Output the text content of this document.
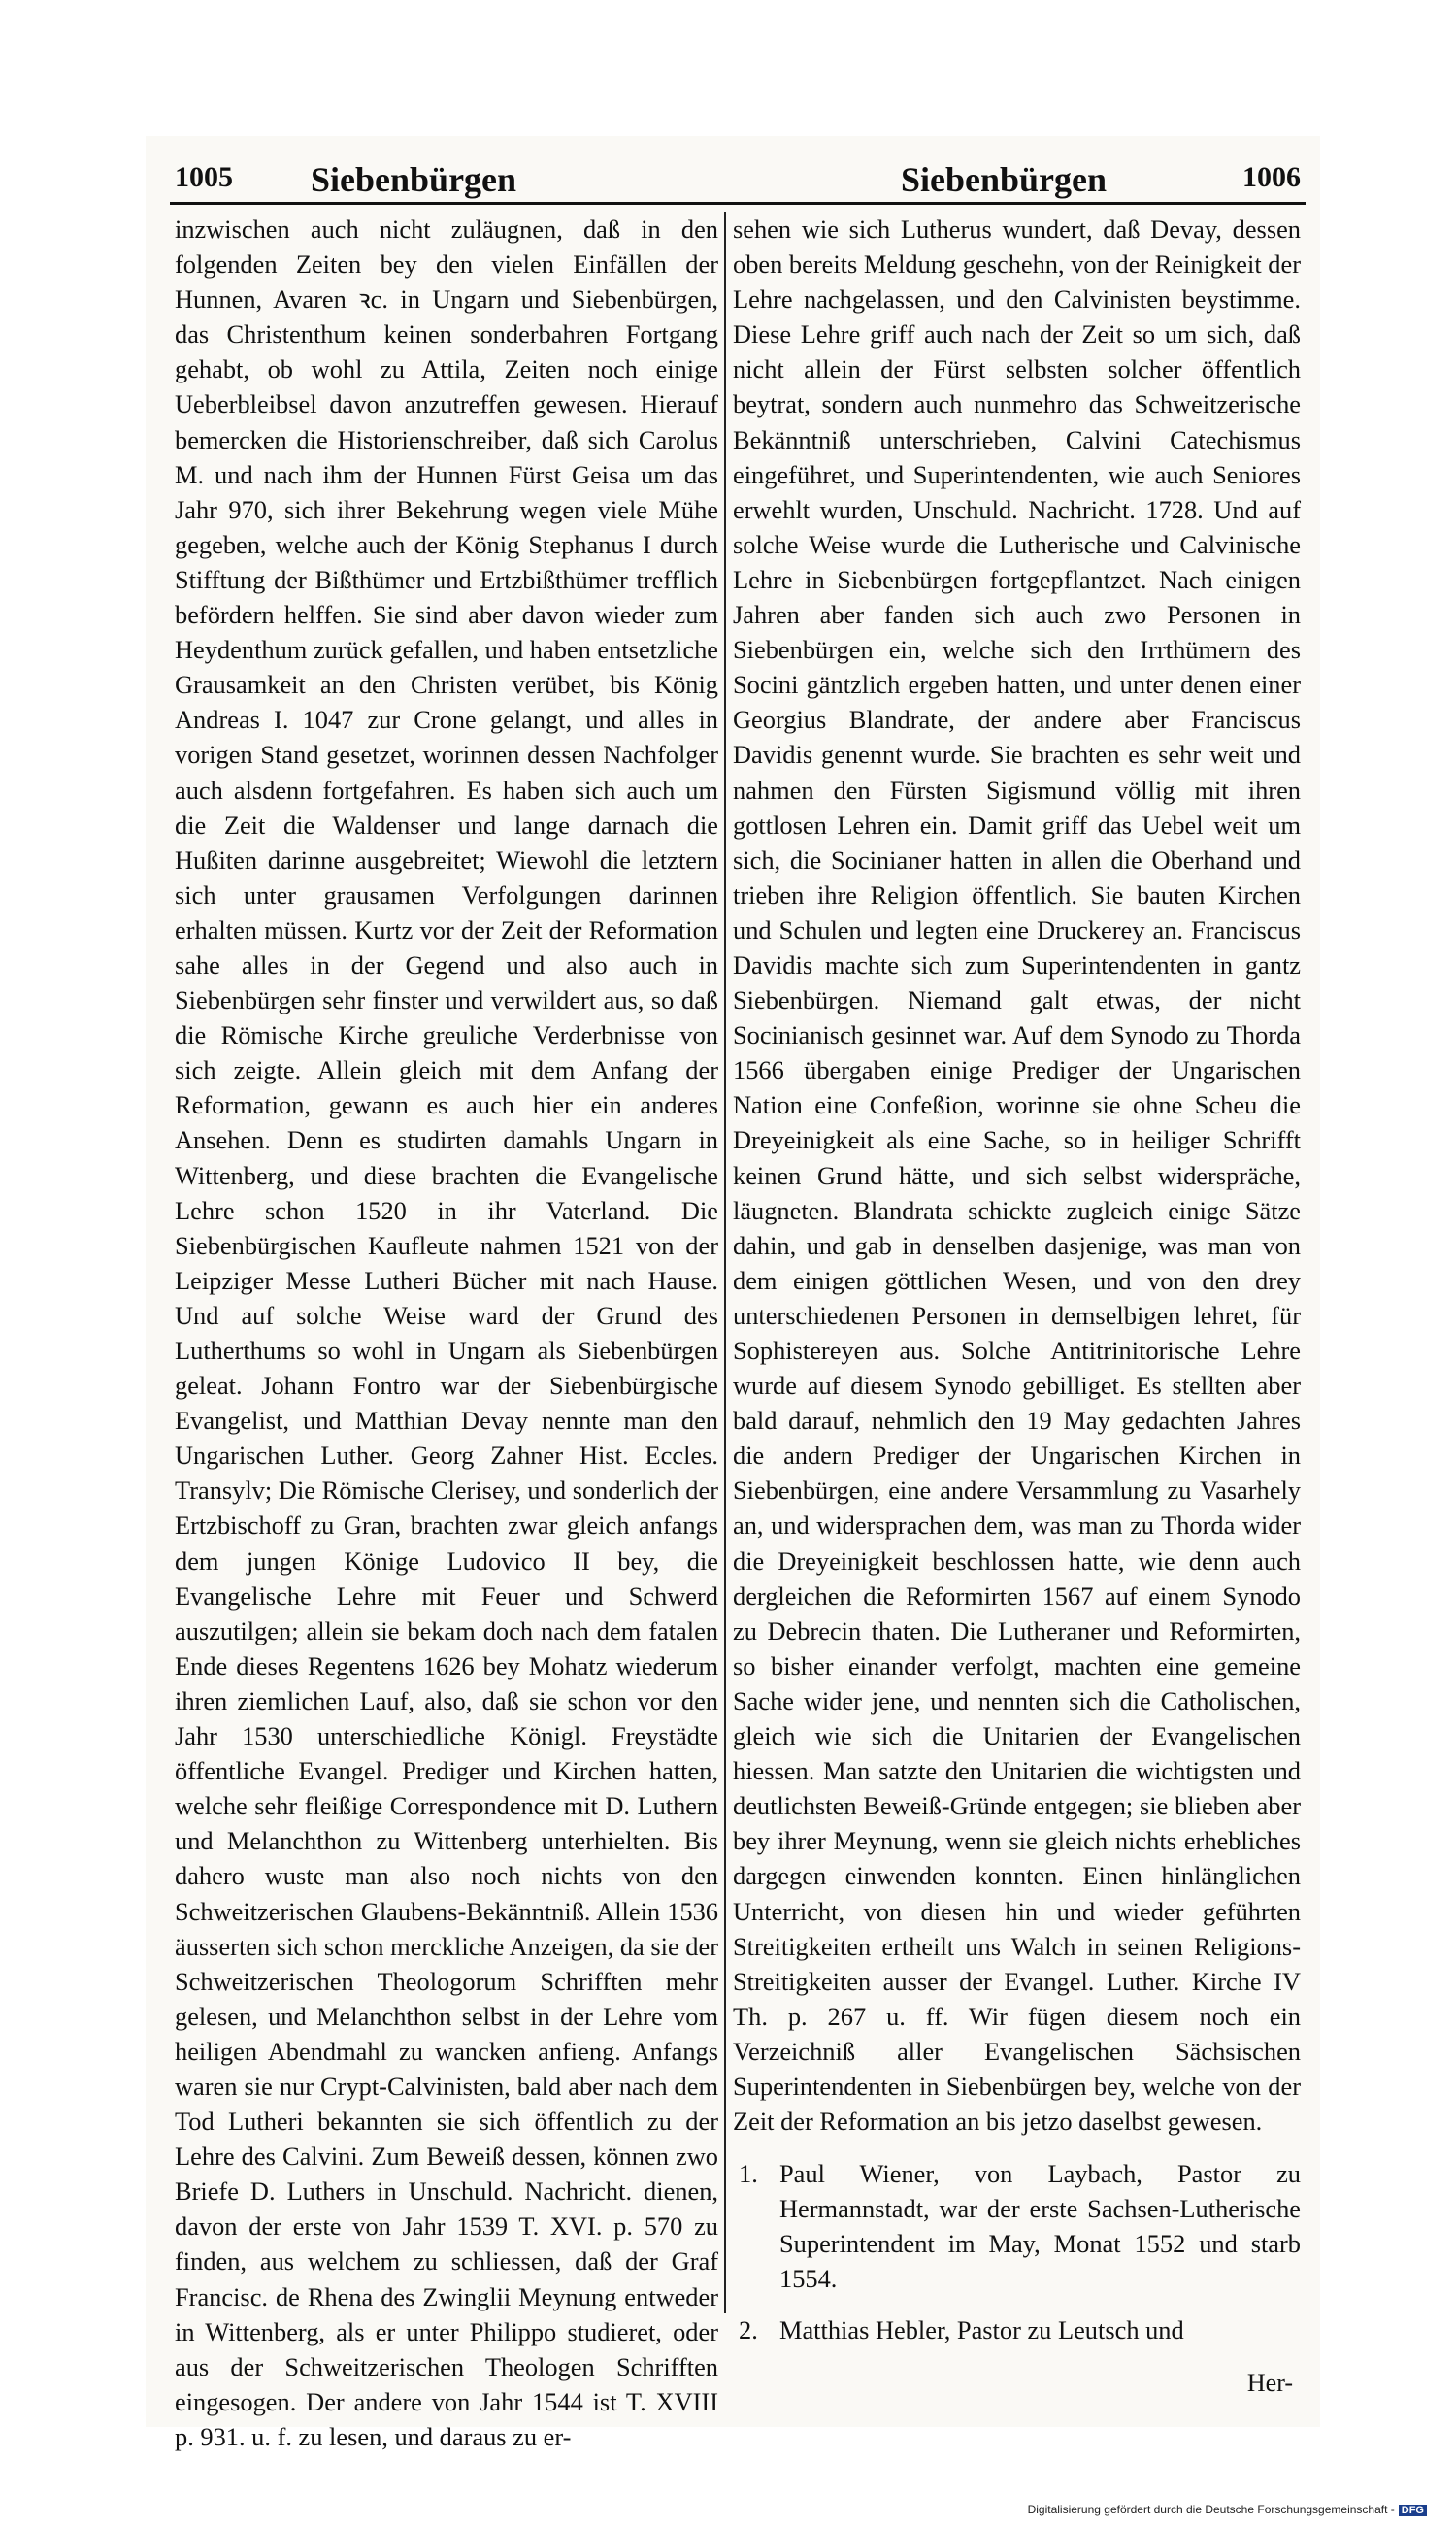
1005 Siebenbürgen	Siebenbürgen	1006

inzwischen auch nicht zuläugnen, daß in den folgenden Zeiten bey den vielen Einfällen der Hunnen, Avaren ꝛc. in Ungarn und Siebenbürgen, das Christenthum keinen sonderbahren Fortgang gehabt, ob wohl zu Attila, Zeiten noch einige Ueberbleibsel davon anzutreffen gewesen. Hierauf bemercken die Historienschreiber, daß sich Carolus M. und nach ihm der Hunnen Fürst Geisa um das Jahr 970, sich ihrer Bekehrung wegen viele Mühe gegeben, welche auch der König Stephanus I durch Stifftung der Bißthümer und Ertzbißthümer trefflich befördern helffen. Sie sind aber davon wieder zum Heydenthum zurück gefallen, und haben entsetzliche Grausamkeit an den Christen verübet, bis König Andreas I. 1047 zur Crone gelangt, und alles in vorigen Stand gesetzet, worinnen dessen Nachfolger auch alsdenn fortgefahren. Es haben sich auch um die Zeit die Waldenser und lange darnach die Hußiten darinne ausgebreitet; Wiewohl die letztern sich unter grausamen Verfolgungen darinnen erhalten müssen. Kurtz vor der Zeit der Reformation sahe alles in der Gegend und also auch in Siebenbürgen sehr finster und verwildert aus, so daß die Römische Kirche greuliche Verderbnisse von sich zeigte. Allein gleich mit dem Anfang der Reformation, gewann es auch hier ein anderes Ansehen. Denn es studirten damahls Ungarn in Wittenberg, und diese brachten die Evangelische Lehre schon 1520 in ihr Vaterland. Die Siebenbürgischen Kaufleute nahmen 1521 von der Leipziger Messe Lutheri Bücher mit nach Hause. Und auf solche Weise ward der Grund des Lutherthums so wohl in Ungarn als Siebenbürgen geleat. Johann Fontro war der Siebenbürgische Evangelist, und Matthian Devay nennte man den Ungarischen Luther. Georg Zahner Hist. Eccles. Transylv; Die Römische Clerisey, und sonderlich der Ertzbischoff zu Gran, brachten zwar gleich anfangs dem jungen Könige Ludovico II bey, die Evangelische Lehre mit Feuer und Schwerd auszutilgen; allein sie bekam doch nach dem fatalen Ende dieses Regentens 1626 bey Mohatz wiederum ihren ziemlichen Lauf, also, daß sie schon vor den Jahr 1530 unterschiedliche Königl. Freystädte öffentliche Evangel. Prediger und Kirchen hatten, welche sehr fleißige Correspondence mit D. Luthern und Melanchthon zu Wittenberg unterhielten. Bis dahero wuste man also noch nichts von den Schweitzerischen Glaubens-Bekänntniß. Allein 1536 äusserten sich schon merckliche Anzeigen, da sie der Schweitzerischen Theologorum Schrifften mehr gelesen, und Melanchthon selbst in der Lehre vom heiligen Abendmahl zu wancken anfieng. Anfangs waren sie nur Crypt-Calvinisten, bald aber nach dem Tod Lutheri bekannten sie sich öffentlich zu der Lehre des Calvini. Zum Beweiß dessen, können zwo Briefe D. Luthers in Unschuld. Nachricht. dienen, davon der erste von Jahr 1539 T. XVI. p. 570 zu finden, aus welchem zu schliessen, daß der Graf Francisc. de Rhena des Zwinglii Meynung entweder in Wittenberg, als er unter Philippo studieret, oder aus der Schweitzerischen Theologen Schrifften eingesogen. Der andere von Jahr 1544 ist T. XVIII p. 931. u. f. zu lesen, und daraus zu er-

sehen wie sich Lutherus wundert, daß Devay, dessen oben bereits Meldung geschehn, von der Reinigkeit der Lehre nachgelassen, und den Calvinisten beystimme. Diese Lehre griff auch nach der Zeit so um sich, daß nicht allein der Fürst selbsten solcher öffentlich beytrat, sondern auch nunmehro das Schweitzerische Bekänntniß unterschrieben, Calvini Catechismus eingeführet, und Superintendenten, wie auch Seniores erwehlt wurden, Unschuld. Nachricht. 1728. Und auf solche Weise wurde die Lutherische und Calvinische Lehre in Siebenbürgen fortgepflantzet. Nach einigen Jahren aber fanden sich auch zwo Personen in Siebenbürgen ein, welche sich den Irrthümern des Socini gäntzlich ergeben hatten, und unter denen einer Georgius Blandrate, der andere aber Franciscus Davidis genennt wurde. Sie brachten es sehr weit und nahmen den Fürsten Sigismund völlig mit ihren gottlosen Lehren ein. Damit griff das Uebel weit um sich, die Socinianer hatten in allen die Oberhand und trieben ihre Religion öffentlich. Sie bauten Kirchen und Schulen und legten eine Druckerey an. Franciscus Davidis machte sich zum Superintendenten in gantz Siebenbürgen. Niemand galt etwas, der nicht Socinianisch gesinnet war. Auf dem Synodo zu Thorda 1566 übergaben einige Prediger der Ungarischen Nation eine Confeßion, worinne sie ohne Scheu die Dreyeinigkeit als eine Sache, so in heiliger Schrifft keinen Grund hätte, und sich selbst widerspräche, läugneten. Blandrata schickte zugleich einige Sätze dahin, und gab in denselben dasjenige, was man von dem einigen göttlichen Wesen, und von den drey unterschiedenen Personen in demselbigen lehret, für Sophistereyen aus. Solche Antitrinitorische Lehre wurde auf diesem Synodo gebilliget. Es stellten aber bald darauf, nehmlich den 19 May gedachten Jahres die andern Prediger der Ungarischen Kirchen in Siebenbürgen, eine andere Versammlung zu Vasarhely an, und widersprachen dem, was man zu Thorda wider die Dreyeinigkeit beschlossen hatte, wie denn auch dergleichen die Reformirten 1567 auf einem Synodo zu Debrecin thaten. Die Lutheraner und Reformirten, so bisher einander verfolgt, machten eine gemeine Sache wider jene, und nennten sich die Catholischen, gleich wie sich die Unitarien der Evangelischen hiessen. Man satzte den Unitarien die wichtigsten und deutlichsten Beweiß-Gründe entgegen; sie blieben aber bey ihrer Meynung, wenn sie gleich nichts erhebliches dargegen einwenden konnten. Einen hinlänglichen Unterricht, von diesen hin und wieder geführten Streitigkeiten ertheilt uns Walch in seinen Religions-Streitigkeiten ausser der Evangel. Luther. Kirche IV Th. p. 267 u. ff. Wir fügen diesem noch ein Verzeichniß aller Evangelischen Sächsischen Superintendenten in Siebenbürgen bey, welche von der Zeit der Reformation an bis jetzo daselbst gewesen.

1. Paul Wiener, von Laybach, Pastor zu Hermannstadt, war der erste Sachsen-Lutherische Superintendent im May, Monat 1552 und starb 1554.
2. Matthias Hebler, Pastor zu Leutsch und
Her-
Digitalisierung gefördert durch die Deutsche Forschungsgemeinschaft - DFG
